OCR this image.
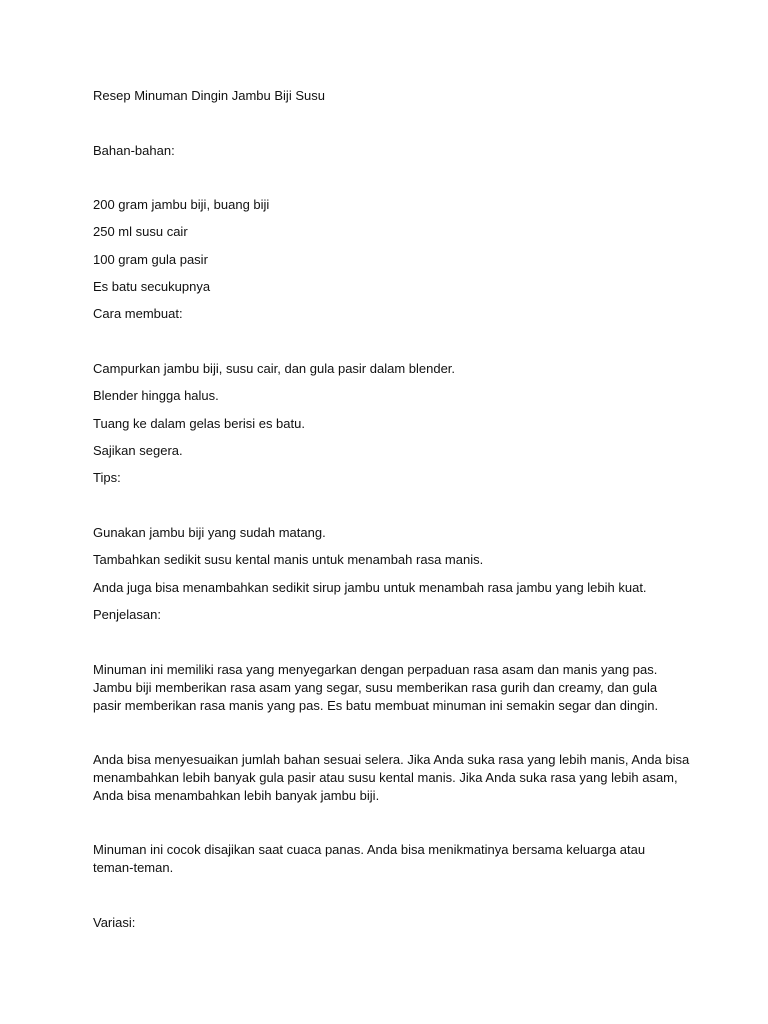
Resep Minuman Dingin Jambu Biji Susu

Bahan-bahan:

200 gram jambu biji, buang biji

250 ml susu cair

100 gram gula pasir

Es batu secukupnya

Cara membuat:

Campurkan jambu biji, susu cair, dan gula pasir dalam blender.

Blender hingga halus.

Tuang ke dalam gelas berisi es batu.

Sajikan segera.

Tips:

Gunakan jambu biji yang sudah matang.

Tambahkan sedikit susu kental manis untuk menambah rasa manis.

Anda juga bisa menambahkan sedikit sirup jambu untuk menambah rasa jambu yang lebih kuat.

Penjelasan:

Minuman ini memiliki rasa yang menyegarkan dengan perpaduan rasa asam dan manis yang pas.
Jambu biji memberikan rasa asam yang segar, susu memberikan rasa gurih dan creamy, dan gula
pasir memberikan rasa manis yang pas. Es batu membuat minuman ini semakin segar dan dingin.
Anda bisa menyesuaikan jumlah bahan sesuai selera. Jika Anda suka rasa yang lebih manis, Anda bisa
menambahkan lebih banyak gula pasir atau susu kental manis. Jika Anda suka rasa yang lebih asam,
Anda bisa menambahkan lebih banyak jambu biji.
Minuman ini cocok disajikan saat cuaca panas. Anda bisa menikmatinya bersama keluarga atau
teman-teman.

Variasi:
